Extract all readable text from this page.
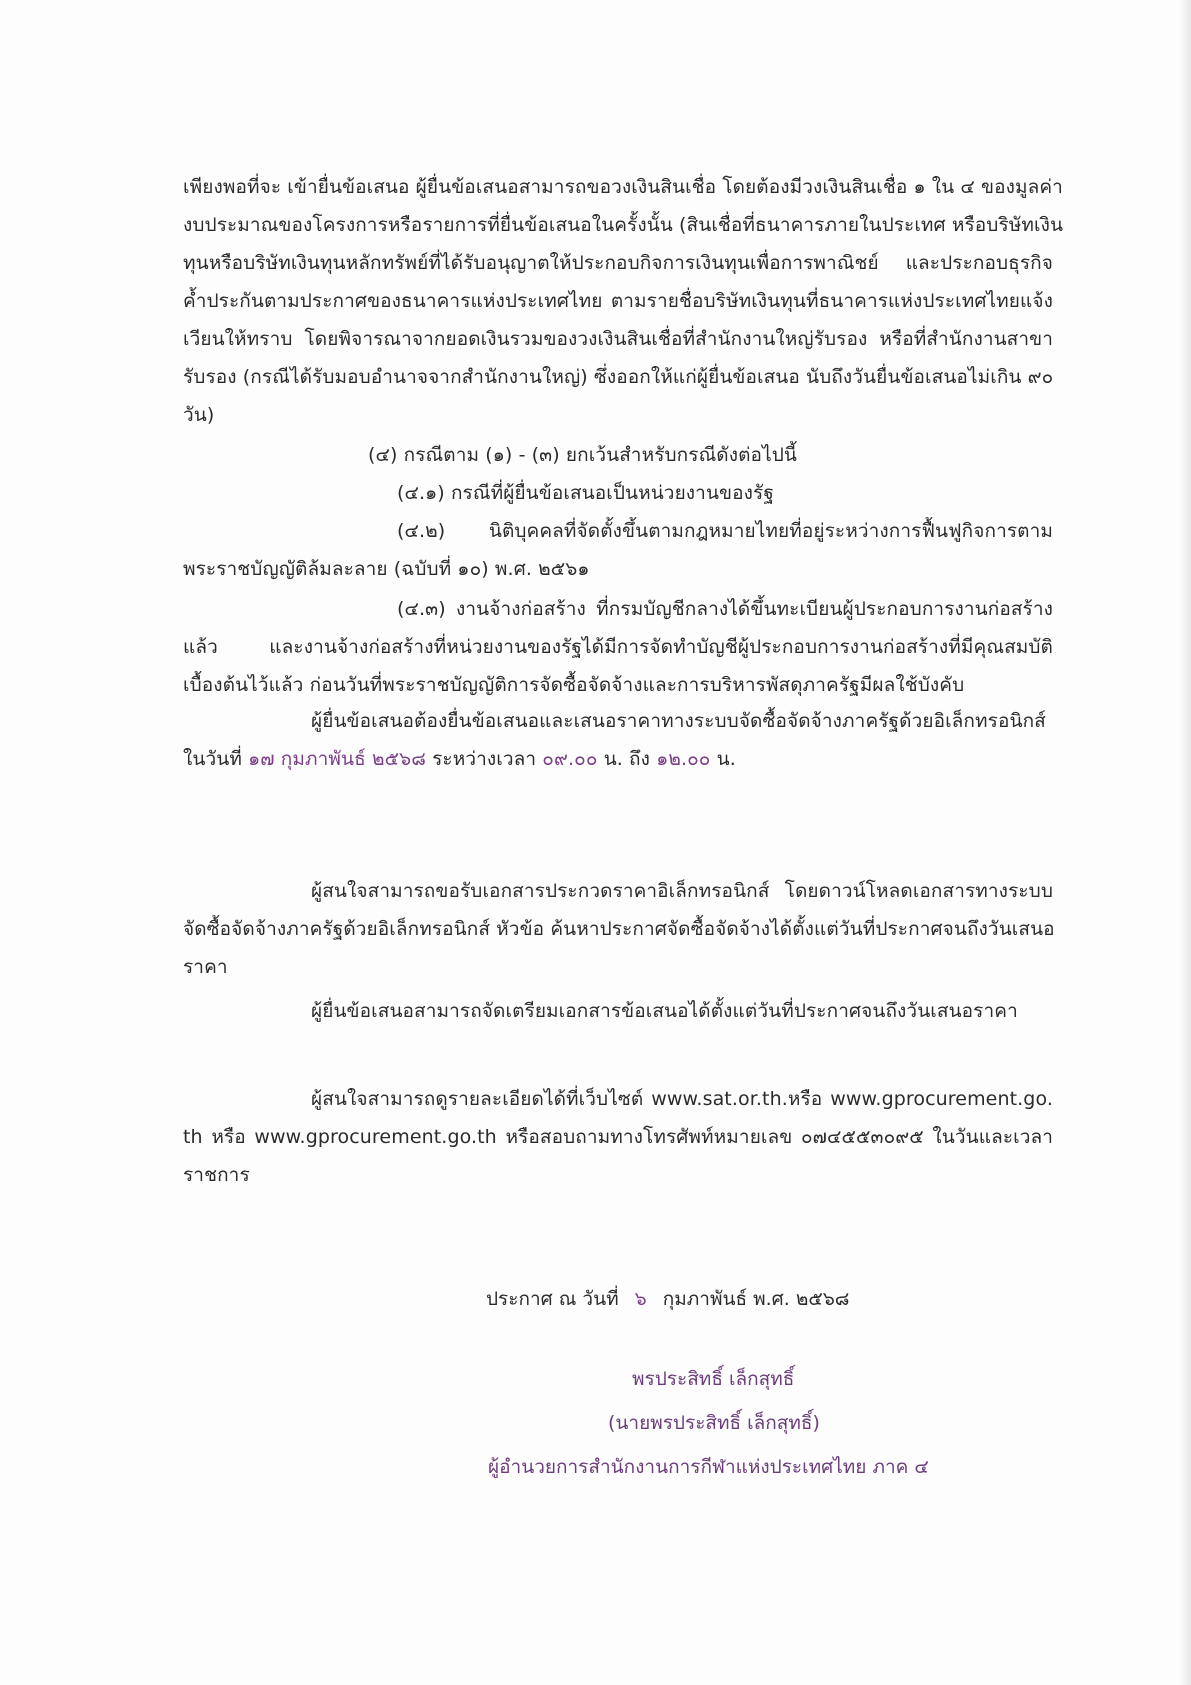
เพียงพอที่จะ เข้ายื่นข้อเสนอ ผู้ยื่นข้อเสนอสามารถขอวงเงินสินเชื่อ โดยต้องมีวงเงินสินเชื่อ ๑ ใน ๔ ของมูลค่า
งบประมาณของโครงการหรือรายการที่ยื่นข้อเสนอในครั้งนั้น (สินเชื่อที่ธนาคารภายในประเทศ หรือบริษัทเงิน
ทุนหรือบริษัทเงินทุนหลักทรัพย์ที่ได้รับอนุญาตให้ประกอบกิจการเงินทุนเพื่อการพาณิชย์ และประกอบธุรกิจ
ค้ำประกันตามประกาศของธนาคารแห่งประเทศไทย ตามรายชื่อบริษัทเงินทุนที่ธนาคารแห่งประเทศไทยแจ้ง
เวียนให้ทราบ โดยพิจารณาจากยอดเงินรวมของวงเงินสินเชื่อที่สำนักงานใหญ่รับรอง หรือที่สำนักงานสาขา
รับรอง (กรณีได้รับมอบอำนาจจากสำนักงานใหญ่) ซึ่งออกให้แก่ผู้ยื่นข้อเสนอ นับถึงวันยื่นข้อเสนอไม่เกิน ๙๐
วัน)
(๔) กรณีตาม (๑) - (๓) ยกเว้นสำหรับกรณีดังต่อไปนี้
(๔.๑) กรณีที่ผู้ยื่นข้อเสนอเป็นหน่วยงานของรัฐ
(๔.๒) นิติบุคคลที่จัดตั้งขึ้นตามกฎหมายไทยที่อยู่ระหว่างการฟื้นฟูกิจการตาม
พระราชบัญญัติล้มละลาย (ฉบับที่ ๑๐) พ.ศ. ๒๕๖๑
(๔.๓) งานจ้างก่อสร้าง ที่กรมบัญชีกลางได้ขึ้นทะเบียนผู้ประกอบการงานก่อสร้าง
แล้ว และงานจ้างก่อสร้างที่หน่วยงานของรัฐได้มีการจัดทำบัญชีผู้ประกอบการงานก่อสร้างที่มีคุณสมบัติ
เบื้องต้นไว้แล้ว ก่อนวันที่พระราชบัญญัติการจัดซื้อจัดจ้างและการบริหารพัสดุภาครัฐมีผลใช้บังคับ
ผู้ยื่นข้อเสนอต้องยื่นข้อเสนอและเสนอราคาทางระบบจัดซื้อจัดจ้างภาครัฐด้วยอิเล็กทรอนิกส์
ในวันที่ ๑๗ กุมภาพันธ์ ๒๕๖๘ ระหว่างเวลา ๐๙.๐๐ น. ถึง ๑๒.๐๐ น.
ผู้สนใจสามารถขอรับเอกสารประกวดราคาอิเล็กทรอนิกส์ โดยดาวน์โหลดเอกสารทางระบบ
จัดซื้อจัดจ้างภาครัฐด้วยอิเล็กทรอนิกส์ หัวข้อ ค้นหาประกาศจัดซื้อจัดจ้างได้ตั้งแต่วันที่ประกาศจนถึงวันเสนอ
ราคา
ผู้ยื่นข้อเสนอสามารถจัดเตรียมเอกสารข้อเสนอได้ตั้งแต่วันที่ประกาศจนถึงวันเสนอราคา
ผู้สนใจสามารถดูรายละเอียดได้ที่เว็บไซต์ www.sat.or.th.หรือ www.gprocurement.go.
th หรือ www.gprocurement.go.th หรือสอบถามทางโทรศัพท์หมายเลข ๐๗๔๕๕๓๐๙๕ ในวันและเวลา
ราชการ
ประกาศ ณ วันที่ ๖ กุมภาพันธ์ พ.ศ. ๒๕๖๘
พรประสิทธิ์ เล็กสุทธิ์
(นายพรประสิทธิ์ เล็กสุทธิ์)
ผู้อำนวยการสำนักงานการกีฬาแห่งประเทศไทย ภาค ๔
